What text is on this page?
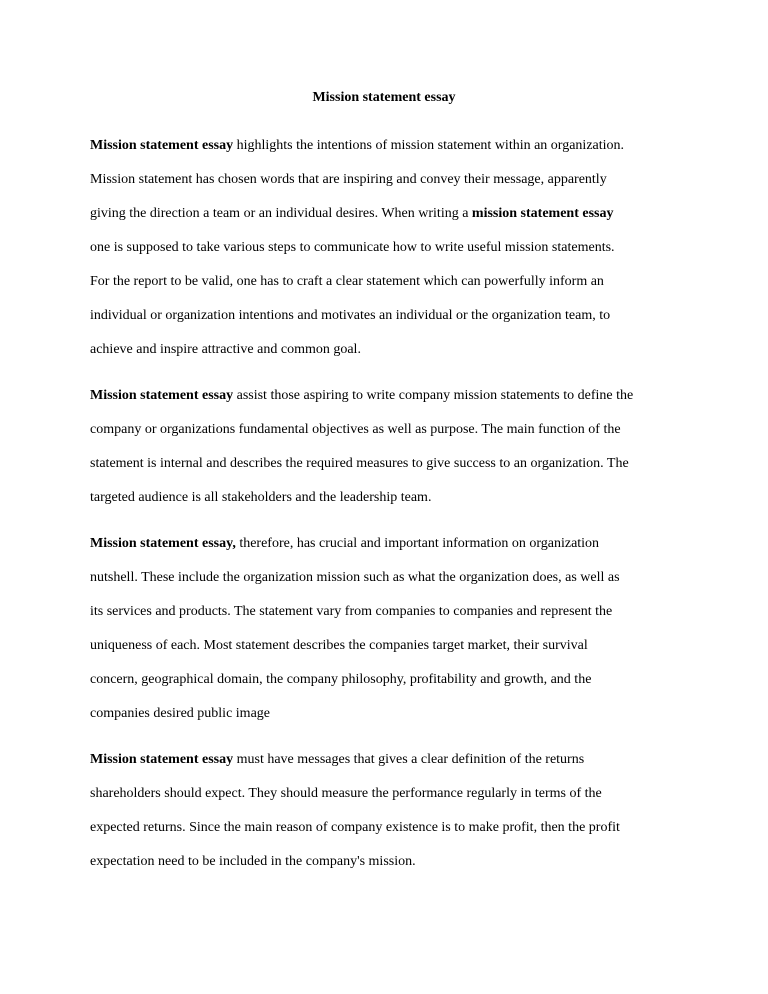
Mission statement essay
Mission statement essay highlights the intentions of mission statement within an organization.
Mission statement has chosen words that are inspiring and convey their message, apparently
giving the direction a team or an individual desires. When writing a mission statement essay
one is supposed to take various steps to communicate how to write useful mission statements.
For the report to be valid, one has to craft a clear statement which can powerfully inform an
individual or organization intentions and motivates an individual or the organization team, to
achieve and inspire attractive and common goal.
Mission statement essay assist those aspiring to write company mission statements to define the
company or organizations fundamental objectives as well as purpose. The main function of the
statement is internal and describes the required measures to give success to an organization. The
targeted audience is all stakeholders and the leadership team.
Mission statement essay, therefore, has crucial and important information on organization
nutshell. These include the organization mission such as what the organization does, as well as
its services and products. The statement vary from companies to companies and represent the
uniqueness of each. Most statement describes the companies target market, their survival
concern, geographical domain, the company philosophy, profitability and growth, and the
companies desired public image
Mission statement essay must have messages that gives a clear definition of the returns
shareholders should expect. They should measure the performance regularly in terms of the
expected returns. Since the main reason of company existence is to make profit, then the profit
expectation need to be included in the company's mission.
